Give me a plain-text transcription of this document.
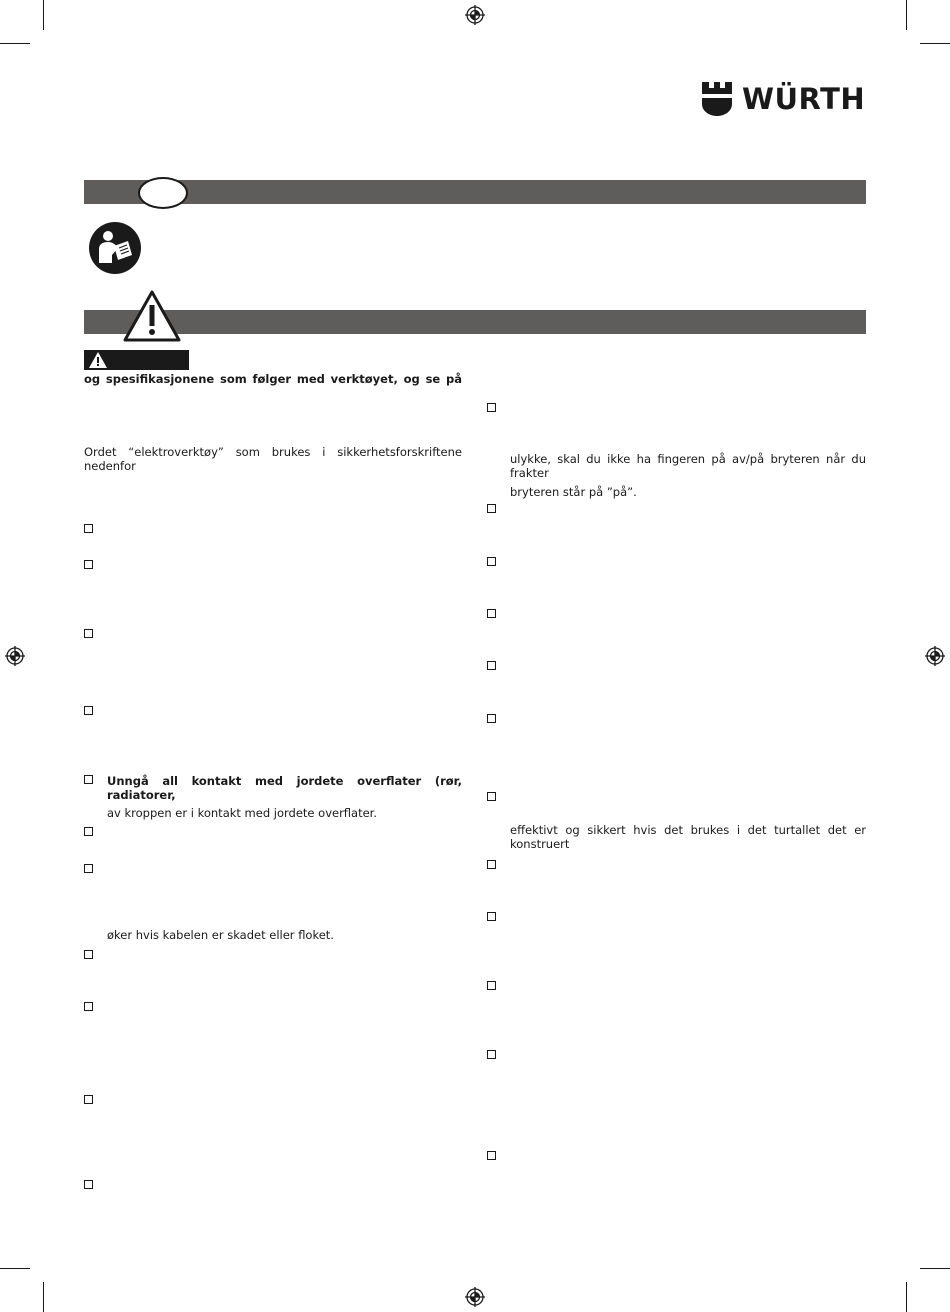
WÜRTH
og spesifikasjonene som følger med verktøyet, og se på
Ordet “elektroverktøy” som brukes i sikkerhetsforskriftene nedenfor
Unngå all kontakt med jordete overflater (rør, radiatorer,
av kroppen er i kontakt med jordete overflater.
øker hvis kabelen er skadet eller floket.
ulykke, skal du ikke ha fingeren på av/på bryteren når du frakter
bryteren står på ”på”.
effektivt og sikkert hvis det brukes i det turtallet det er konstruert
